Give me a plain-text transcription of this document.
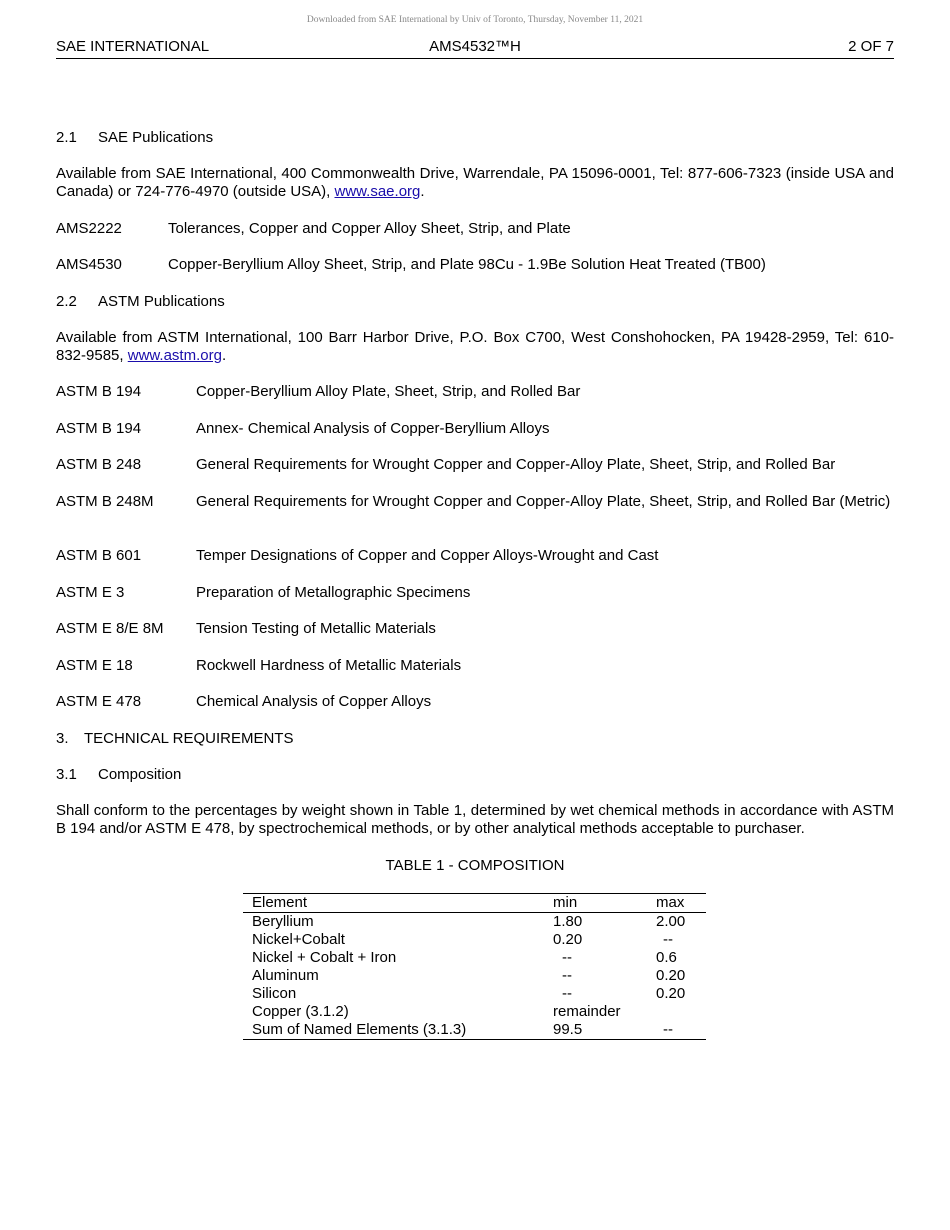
Downloaded from SAE International by Univ of Toronto, Thursday, November 11, 2021
SAE INTERNATIONAL	AMS4532™H	2 OF 7
2.1 SAE Publications
Available from SAE International, 400 Commonwealth Drive, Warrendale, PA 15096-0001, Tel: 877-606-7323 (inside USA and Canada) or 724-776-4970 (outside USA), www.sae.org.
AMS2222	Tolerances, Copper and Copper Alloy Sheet, Strip, and Plate
AMS4530	Copper-Beryllium Alloy Sheet, Strip, and Plate 98Cu - 1.9Be Solution Heat Treated (TB00)
2.2 ASTM Publications
Available from ASTM International, 100 Barr Harbor Drive, P.O. Box C700, West Conshohocken, PA 19428-2959, Tel: 610-832-9585, www.astm.org.
ASTM B 194	Copper-Beryllium Alloy Plate, Sheet, Strip, and Rolled Bar
ASTM B 194	Annex- Chemical Analysis of Copper-Beryllium Alloys
ASTM B 248	General Requirements for Wrought Copper and Copper-Alloy Plate, Sheet, Strip, and Rolled Bar
ASTM B 248M	General Requirements for Wrought Copper and Copper-Alloy Plate, Sheet, Strip, and Rolled Bar (Metric)
ASTM B 601	Temper Designations of Copper and Copper Alloys-Wrought and Cast
ASTM E 3	Preparation of Metallographic Specimens
ASTM E 8/E 8M Tension Testing of Metallic Materials
ASTM E 18	Rockwell Hardness of Metallic Materials
ASTM E 478	Chemical Analysis of Copper Alloys
3. TECHNICAL REQUIREMENTS
3.1 Composition
Shall conform to the percentages by weight shown in Table 1, determined by wet chemical methods in accordance with ASTM B 194 and/or ASTM E 478, by spectrochemical methods, or by other analytical methods acceptable to purchaser.
TABLE 1 - COMPOSITION
Element	min	max
Beryllium	1.80	2.00
Nickel+Cobalt	0.20	--
Nickel + Cobalt + Iron	--	0.6
Aluminum	--	0.20
Silicon	--	0.20
Copper (3.1.2)	remainder	
Sum of Named Elements (3.1.3)	99.5	--
